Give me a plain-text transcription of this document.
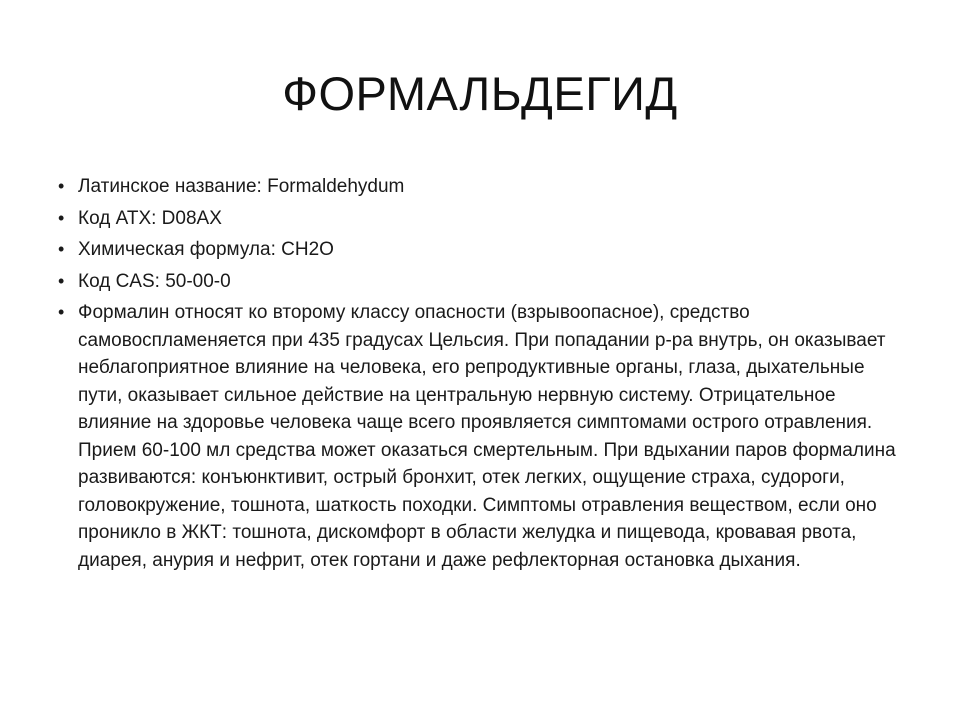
ФОРМАЛЬДЕГИД
• Латинское название: Formaldehydum
• Код ATX: D08AX
• Химическая формула: CH2O
• Код CAS: 50-00-0
• Формалин относят ко второму классу опасности (взрывоопасное), средство самовоспламеняется при 435 градусах Цельсия. При попадании р-ра внутрь, он оказывает неблагоприятное влияние на человека, его репродуктивные органы, глаза, дыхательные пути, оказывает сильное действие на центральную нервную систему. Отрицательное влияние на здоровье человека чаще всего проявляется симптомами острого отравления. Прием 60-100 мл средства может оказаться смертельным. При вдыхании паров формалина развиваются: конъюнктивит, острый бронхит, отек легких, ощущение страха, судороги, головокружение, тошнота, шаткость походки. Симптомы отравления веществом, если оно проникло в ЖКТ: тошнота, дискомфорт в области желудка и пищевода, кровавая рвота, диарея, анурия и нефрит, отек гортани и даже рефлекторная остановка дыхания.
